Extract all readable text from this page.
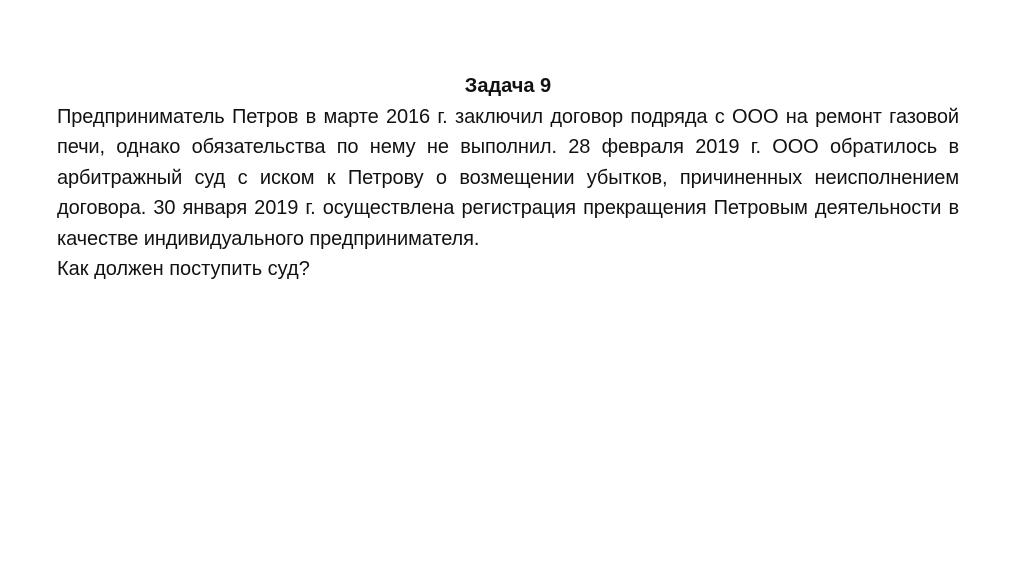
Задача 9

Предприниматель Петров в марте 2016 г. заключил договор подряда с ООО на ремонт газовой печи, однако обязательства по нему не выполнил. 28 февраля 2019 г. ООО обратилось в арбитражный суд с иском к Петрову о возмещении убытков, причиненных неисполнением договора. 30 января 2019 г. осуществлена регистрация прекращения Петровым деятельности в качестве индивидуального предпринимателя.

Как должен поступить суд?
